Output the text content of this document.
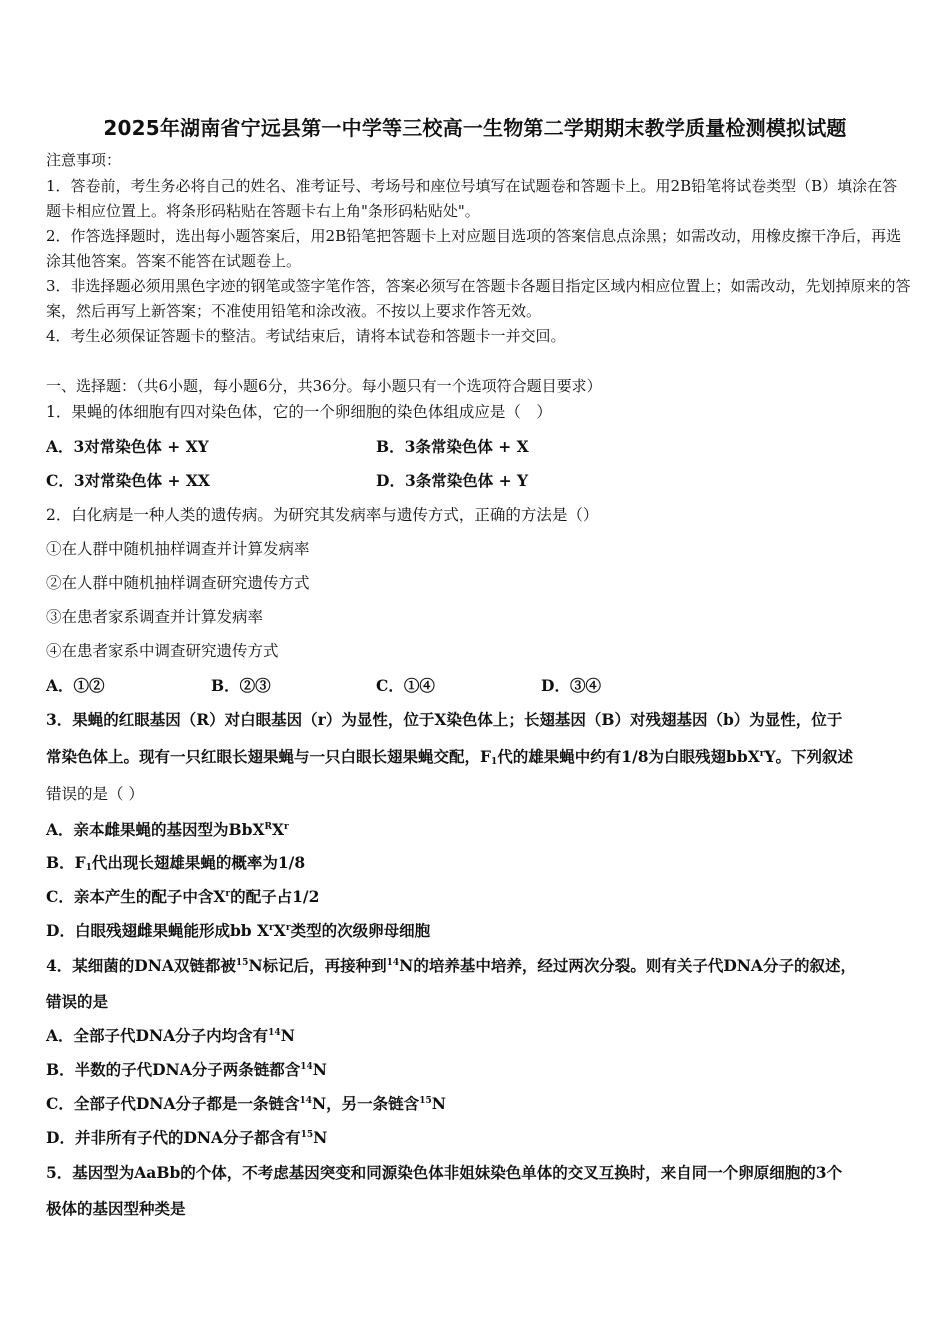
2025年湖南省宁远县第一中学等三校高一生物第二学期期末教学质量检测模拟试题
注意事项：
1．答卷前，考生务必将自己的姓名、准考证号、考场号和座位号填写在试题卷和答题卡上。用2B铅笔将试卷类型（B）填涂在答题卡相应位置上。将条形码粘贴在答题卡右上角"条形码粘贴处"。
2．作答选择题时，选出每小题答案后，用2B铅笔把答题卡上对应题目选项的答案信息点涂黑；如需改动，用橡皮擦干净后，再选涂其他答案。答案不能答在试题卷上。
3．非选择题必须用黑色字迹的钢笔或签字笔作答，答案必须写在答题卡各题目指定区域内相应位置上；如需改动，先划掉原来的答案，然后再写上新答案；不准使用铅笔和涂改液。不按以上要求作答无效。
4．考生必须保证答题卡的整洁。考试结束后，请将本试卷和答题卡一并交回。
一、选择题：（共6小题，每小题6分，共36分。每小题只有一个选项符合题目要求）
1．果蝇的体细胞有四对染色体，它的一个卵细胞的染色体组成应是（　）
A．3对常染色体 + XY	B．3条常染色体 + X
C．3对常染色体 + XX	D．3条常染色体 + Y
2．白化病是一种人类的遗传病。为研究其发病率与遗传方式，正确的方法是（）
①在人群中随机抽样调查并计算发病率
②在人群中随机抽样调查研究遗传方式
③在患者家系调查并计算发病率
④在患者家系中调查研究遗传方式
A．①②	B．②③	C．①④	D．③④
3．果蝇的红眼基因（R）对白眼基因（r）为显性，位于X染色体上；长翅基因（B）对残翅基因（b）为显性，位于
常染色体上。现有一只红眼长翅果蝇与一只白眼长翅果蝇交配，$F_1$代的雄果蝇中约有1/8为白眼残翅bbX$^r$Y。下列叙述
错误的是（ ）
A．亲本雌果蝇的基因型为$BbX^RX^r$
B．$F_1$代出现长翅雄果蝇的概率为1/8
C．亲本产生的配子中含$X^r$的配子占1/2
D．白眼残翅雌果蝇能形成bb $X^rX^r$类型的次级卵母细胞
4．某细菌的DNA双链都被$^{15}$N标记后，再接种到$^{14}$N的培养基中培养，经过两次分裂。则有关子代DNA分子的叙述，
错误的是
A．全部子代DNA分子内均含有$^{14}$N
B．半数的子代DNA分子两条链都含$^{14}$N
C．全部子代DNA分子都是一条链含$^{14}$N，另一条链含$^{15}$N
D．并非所有子代的DNA分子都含有$^{15}$N
5．基因型为AaBb的个体，不考虑基因突变和同源染色体非姐妹染色单体的交叉互换时，来自同一个卵原细胞的3个
极体的基因型种类是
